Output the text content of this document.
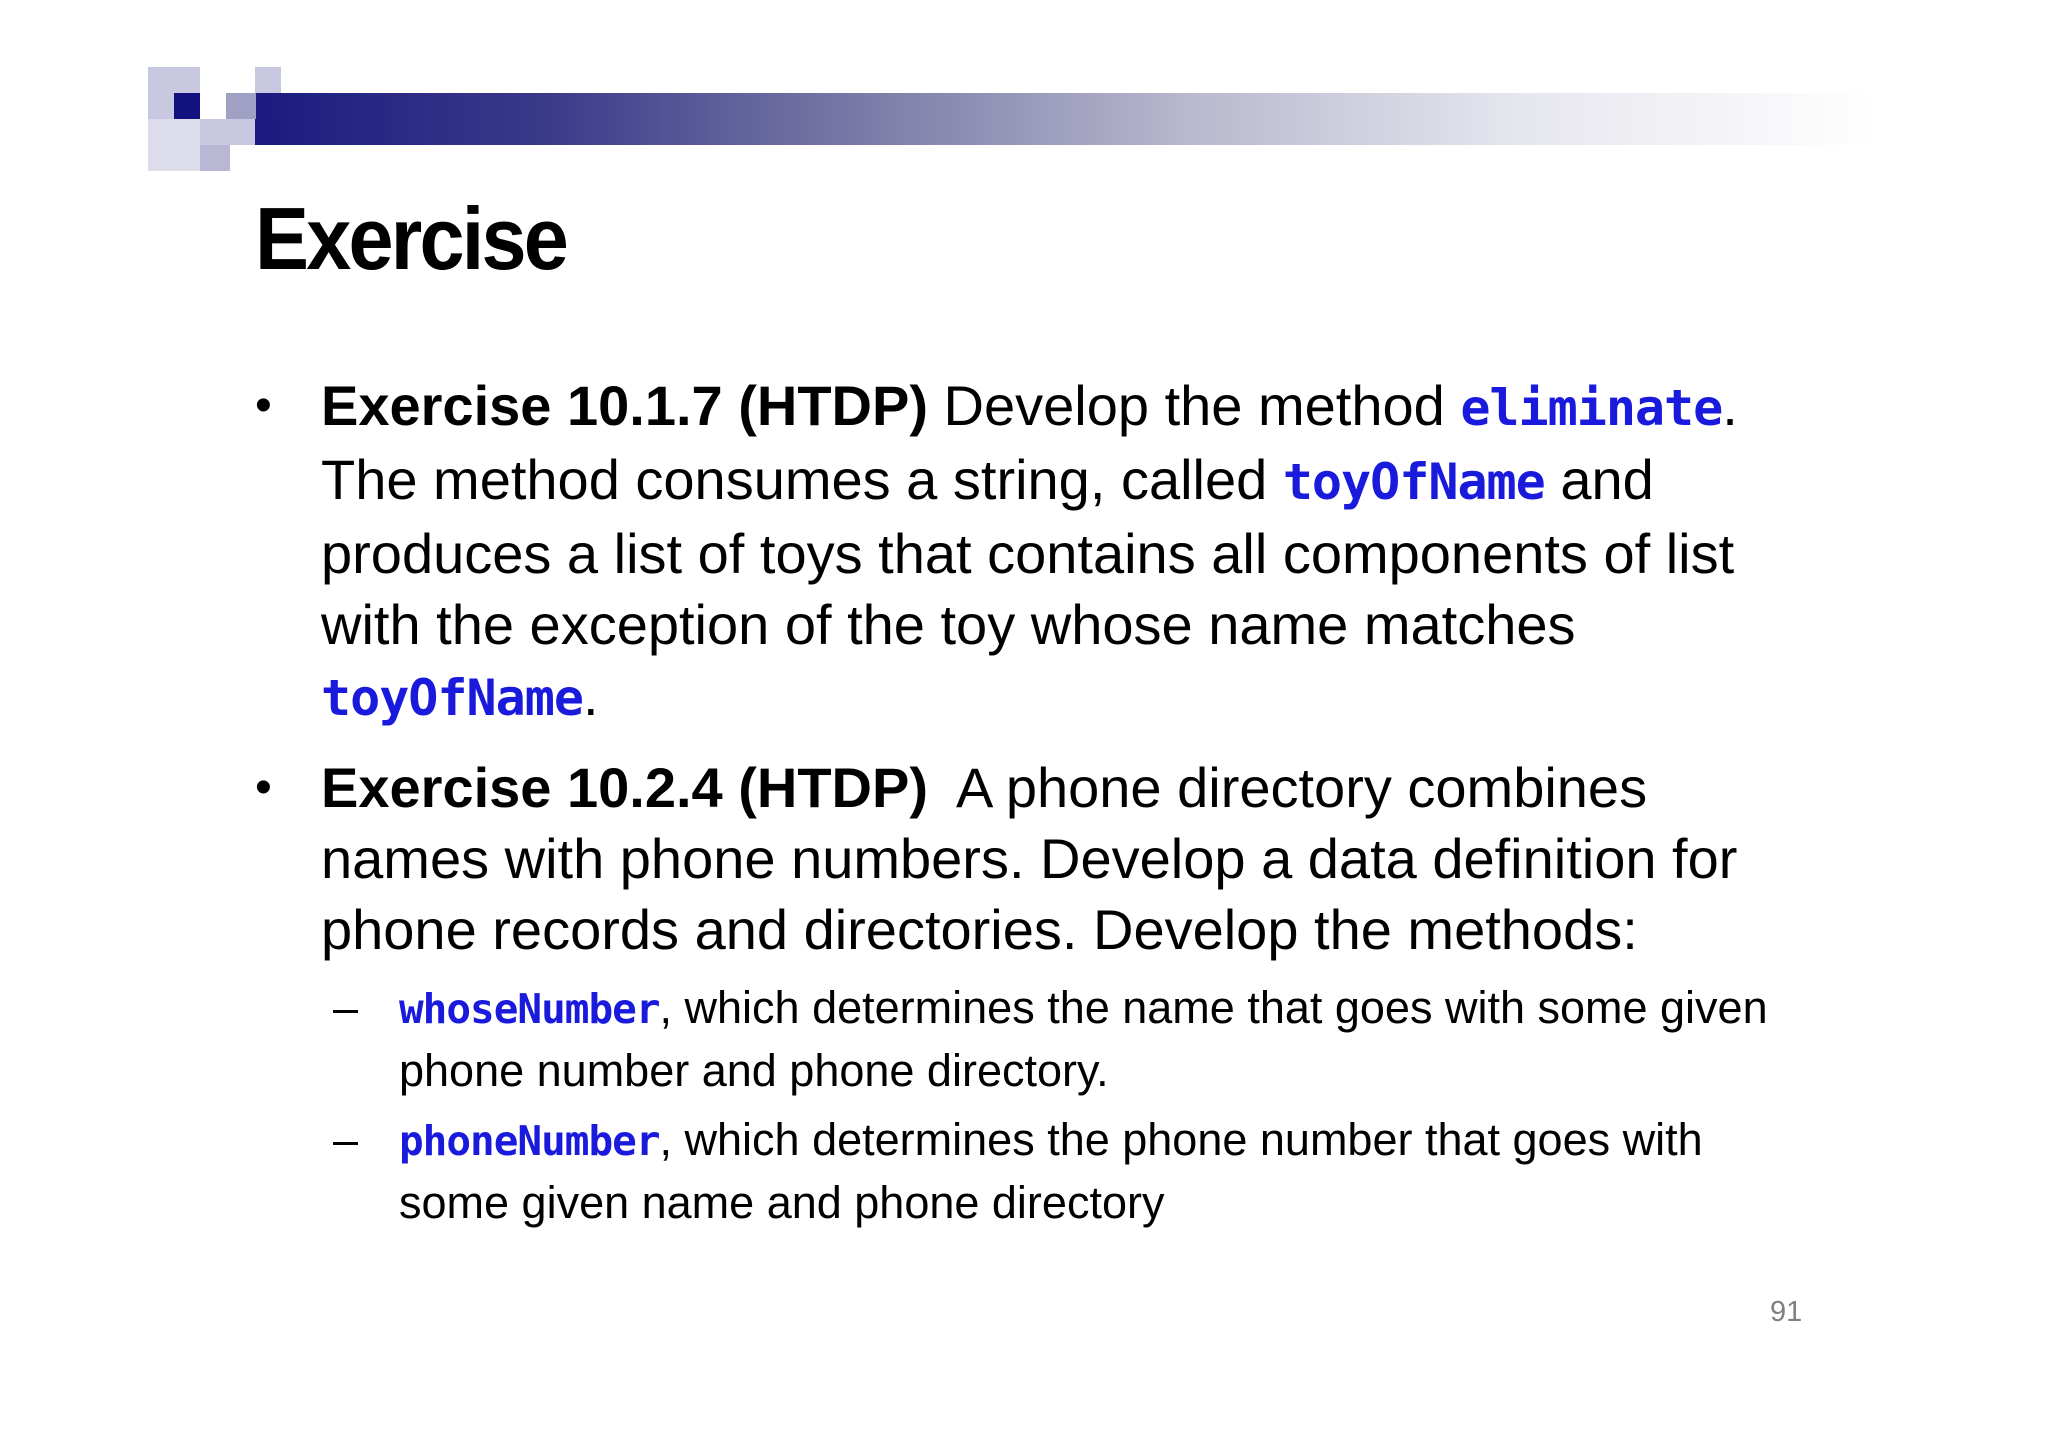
Exercise
• Exercise 10.1.7 (HTDP) Develop the method eliminate. The method consumes a string, called toyOfName and produces a list of toys that contains all components of list with the exception of the toy whose name matches toyOfName.
• Exercise 10.2.4 (HTDP)  A phone directory combines names with phone numbers. Develop a data definition for phone records and directories. Develop the methods:
– whoseNumber, which determines the name that goes with some given phone number and phone directory.
– phoneNumber, which determines the phone number that goes with some given name and phone directory
91
